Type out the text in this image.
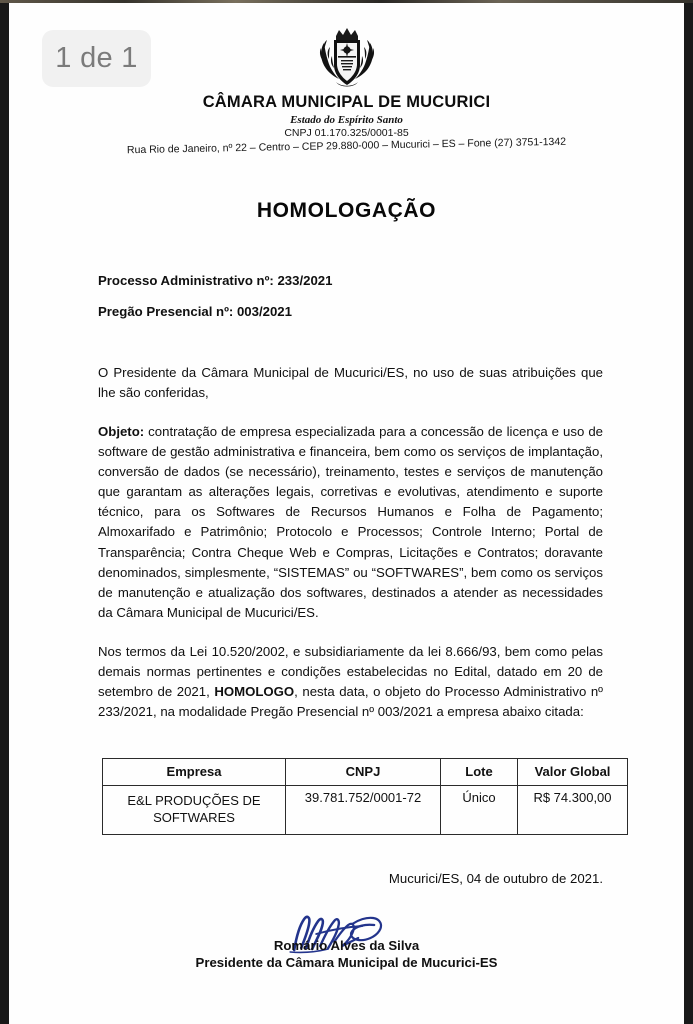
1 de 1
CÂMARA MUNICIPAL DE MUCURICI
Estado do Espírito Santo
CNPJ 01.170.325/0001-85
Rua Rio de Janeiro, nº 22 – Centro – CEP 29.880-000 – Mucurici – ES – Fone (27) 3751-1342
HOMOLOGAÇÃO
Processo Administrativo nº: 233/2021
Pregão Presencial nº: 003/2021

O Presidente da Câmara Municipal de Mucurici/ES, no uso de suas atribuições que lhe são conferidas,

Objeto: contratação de empresa especializada para a concessão de licença e uso de software de gestão administrativa e financeira, bem como os serviços de implantação, conversão de dados (se necessário), treinamento, testes e serviços de manutenção que garantam as alterações legais, corretivas e evolutivas, atendimento e suporte técnico, para os Softwares de Recursos Humanos e Folha de Pagamento; Almoxarifado e Patrimônio; Protocolo e Processos; Controle Interno; Portal de Transparência; Contra Cheque Web e Compras, Licitações e Contratos; doravante denominados, simplesmente, “SISTEMAS” ou “SOFTWARES”, bem como os serviços de manutenção e atualização dos softwares, destinados a atender as necessidades da Câmara Municipal de Mucurici/ES.

Nos termos da Lei 10.520/2002, e subsidiariamente da lei 8.666/93, bem como pelas demais normas pertinentes e condições estabelecidas no Edital, datado em 20 de setembro de 2021, HOMOLOGO, nesta data, o objeto do Processo Administrativo nº 233/2021, na modalidade Pregão Presencial nº 003/2021 a empresa abaixo citada:

Empresa	CNPJ	Lote	Valor Global
E&L PRODUÇÕES DE SOFTWARES	39.781.752/0001-72	Único	R$ 74.300,00
Mucurici/ES, 04 de outubro de 2021.
Romário Alves da Silva
Presidente da Câmara Municipal de Mucurici-ES
